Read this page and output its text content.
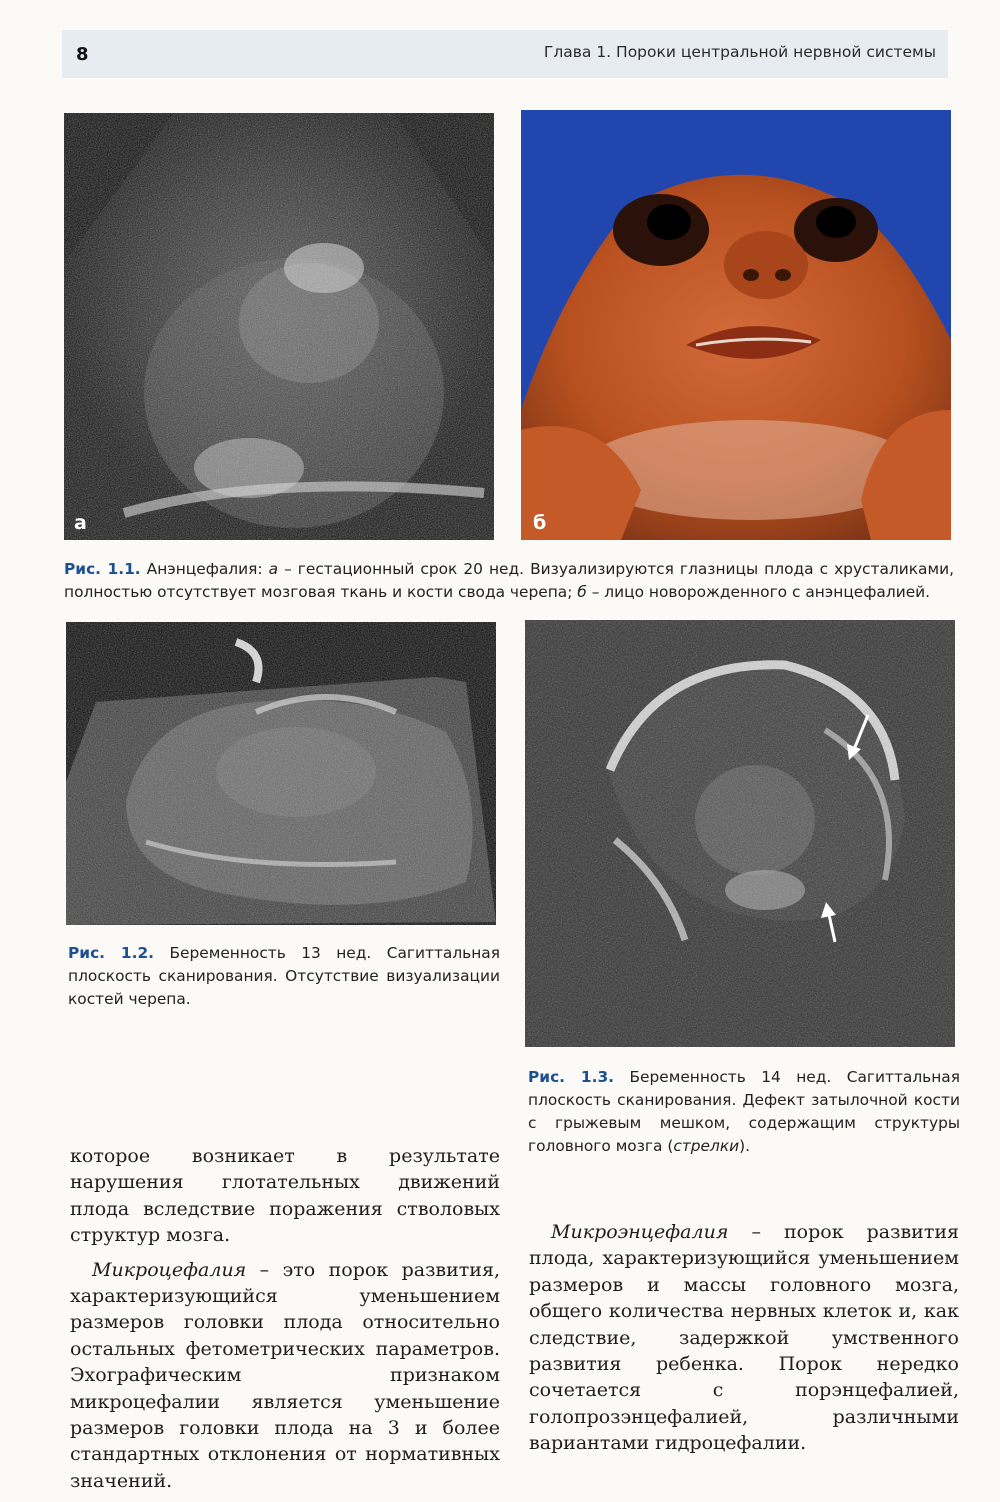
8	Глава 1. Пороки центральной нервной системы
а	б
Рис. 1.1. Анэнцефалия: а – гестационный срок 20 нед. Визуализируются глазницы плода с хрусталиками, полностью отсутствует мозговая ткань и кости свода черепа; б – лицо новорожденного с анэнцефалией.
Рис. 1.2. Беременность 13 нед. Сагиттальная плоскость сканирования. Отсутствие визуализации костей черепа.
Рис. 1.3. Беременность 14 нед. Сагиттальная плоскость сканирования. Дефект затылочной кости с грыжевым мешком, содержащим структуры головного мозга (стрелки).

которое возникает в результате нарушения глотательных движений плода вследствие поражения стволовых структур мозга.

Микроцефалия – это порок развития, характеризующийся уменьшением размеров головки плода относительно остальных фетометрических параметров. Эхографическим признаком микроцефалии является уменьшение размеров головки плода на 3 и более стандартных отклонения от нормативных значений.

Микроэнцефалия – порок развития плода, характеризующийся уменьшением размеров и массы головного мозга, общего количества нервных клеток и, как следствие, задержкой умственного развития ребенка. Порок нередко сочетается с порэнцефалией, голопрозэнцефалией, различными вариантами гидроцефалии.
